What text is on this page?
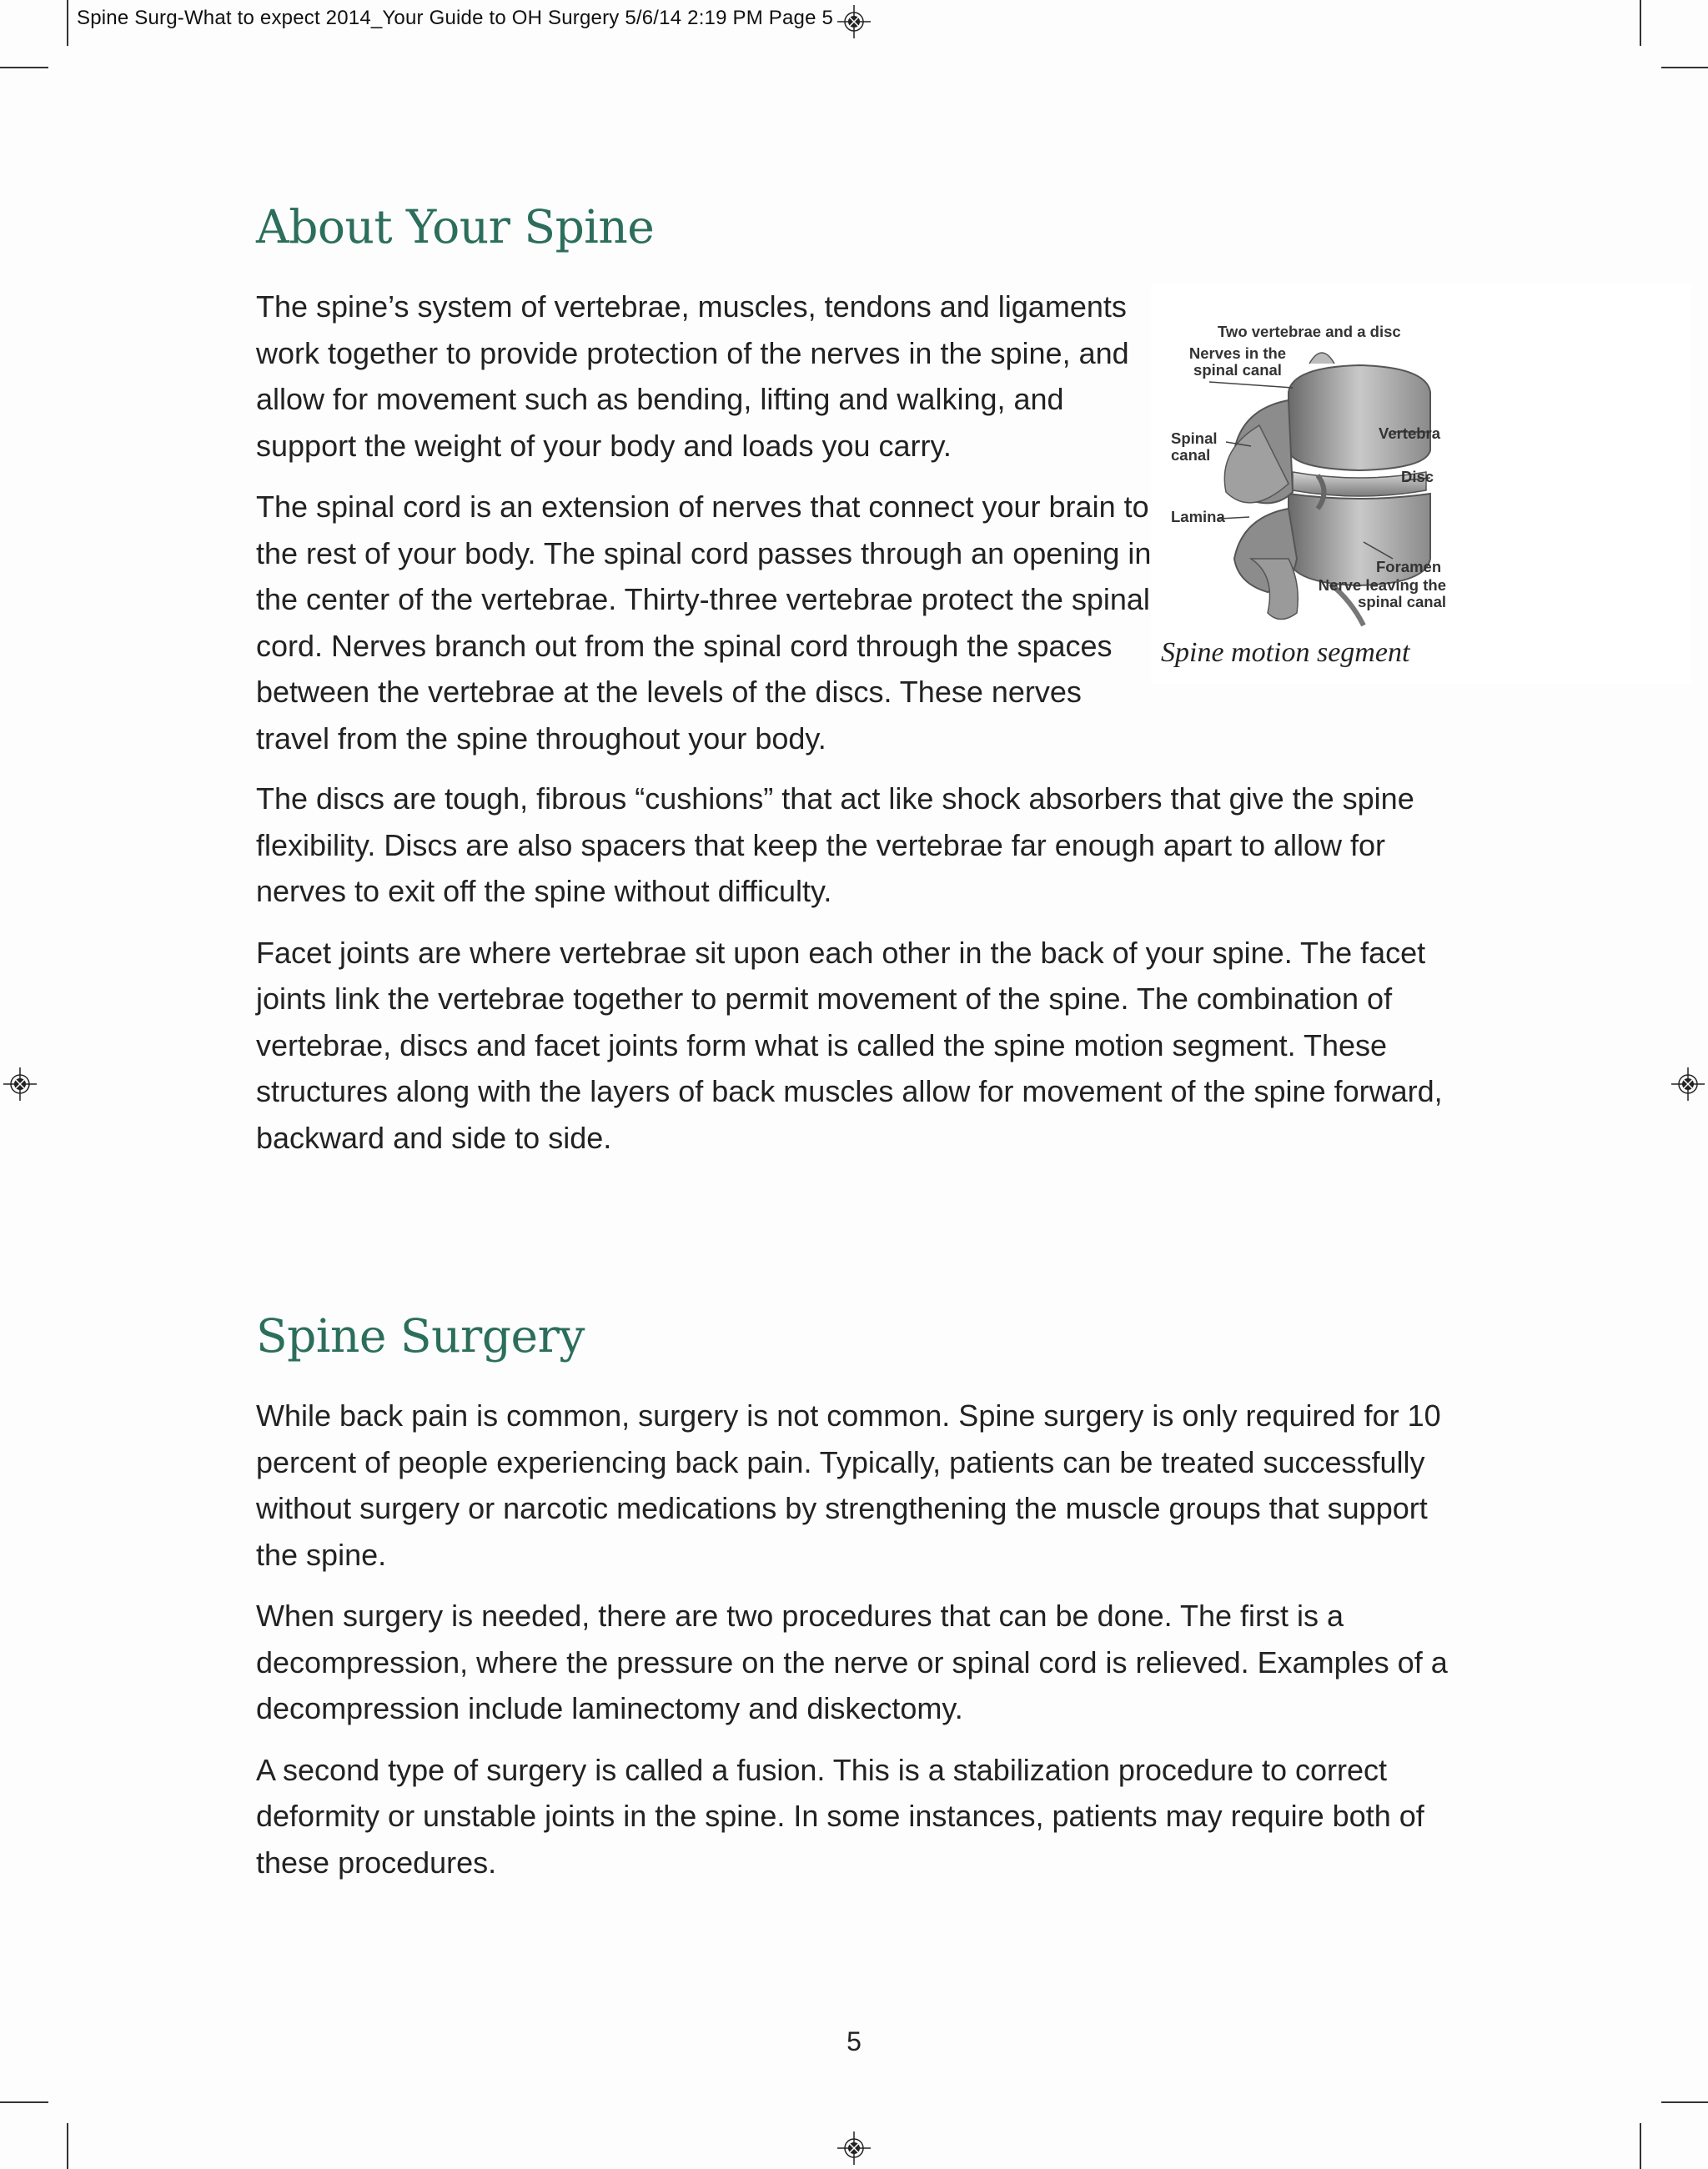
Spine Surg-What to expect 2014_Your Guide to OH Surgery 5/6/14 2:19 PM Page 5
About Your Spine

The spine’s system of vertebrae, muscles, tendons and ligaments work together to provide protection of the nerves in the spine, and allow for movement such as bending, lifting and walking, and support the weight of your body and loads you carry.

The spinal cord is an extension of nerves that connect your brain to the rest of your body. The spinal cord passes through an opening in the center of the vertebrae. Thirty-three vertebrae protect the spinal cord. Nerves branch out from the spinal cord through the spaces between the vertebrae at the levels of the discs. These nerves travel from the spine throughout your body.

Two vertebrae and a disc
Nerves in the spinal canal
Spinal canal
Lamina
Vertebra
Disc
Foramen
Nerve leaving the spinal canal
Spine motion segment

The discs are tough, fibrous “cushions” that act like shock absorbers that give the spine flexibility. Discs are also spacers that keep the vertebrae far enough apart to allow for nerves to exit off the spine without difficulty.

Facet joints are where vertebrae sit upon each other in the back of your spine. The facet joints link the vertebrae together to permit movement of the spine. The combination of vertebrae, discs and facet joints form what is called the spine motion segment. These structures along with the layers of back muscles allow for movement of the spine forward, backward and side to side.

Spine Surgery

While back pain is common, surgery is not common. Spine surgery is only required for 10 percent of people experiencing back pain. Typically, patients can be treated successfully without surgery or narcotic medications by strengthening the muscle groups that support the spine.

When surgery is needed, there are two procedures that can be done. The first is a decompression, where the pressure on the nerve or spinal cord is relieved. Examples of a decompression include laminectomy and diskectomy.

A second type of surgery is called a fusion. This is a stabilization procedure to correct deformity or unstable joints in the spine. In some instances, patients may require both of these procedures.

5
